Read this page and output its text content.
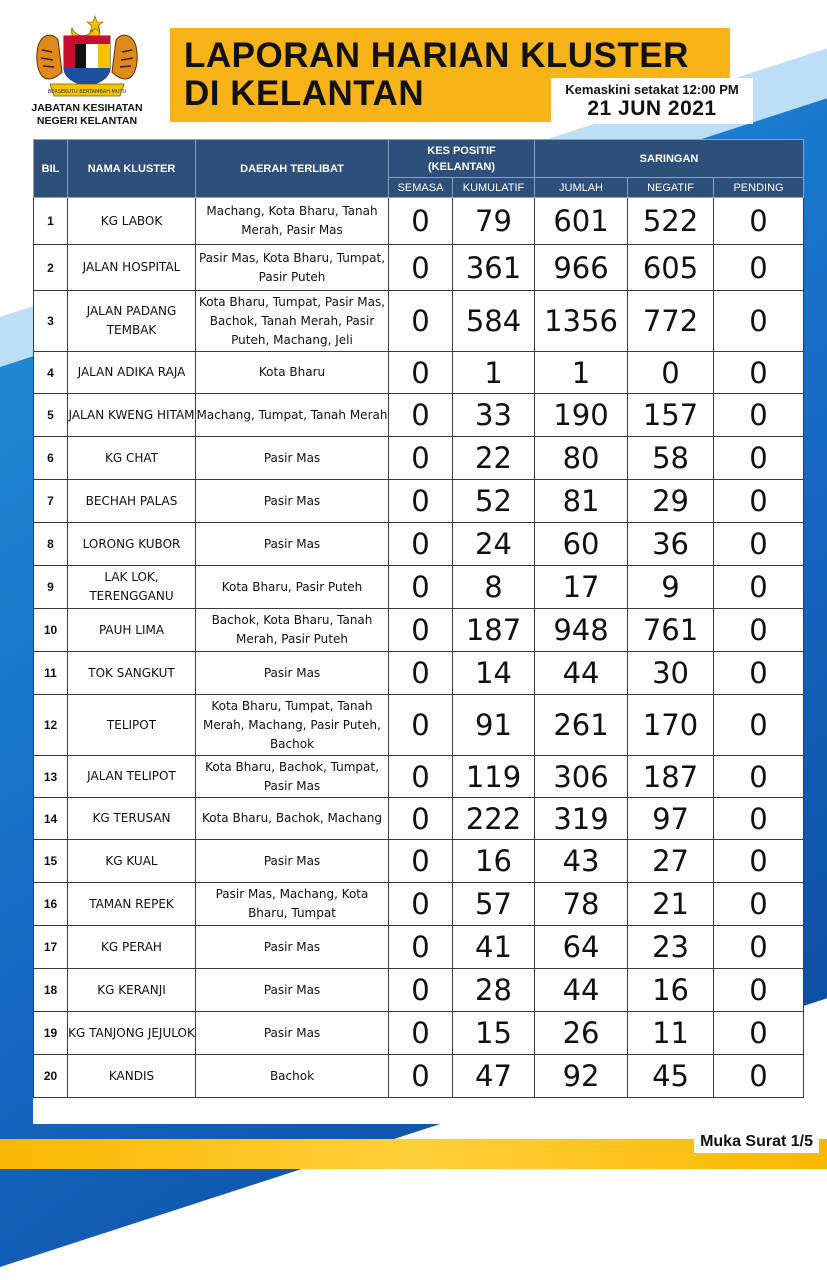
BERSEKUTU BERTAMBAH MUTU
JABATAN KESIHATAN
NEGERI KELANTAN
LAPORAN HARIAN KLUSTER
DI KELANTAN	Kemaskini setakat 12:00 PM
21 JUN 2021
BIL	NAMA KLUSTER	DAERAH TERLIBAT	KES POSITIF (KELANTAN)		SARINGAN		
			SEMASA	KUMULATIF	JUMLAH	NEGATIF	PENDING
1	KG LABOK	Machang, Kota Bharu, Tanah Merah, Pasir Mas	0	79	601	522	0
2	JALAN HOSPITAL	Pasir Mas, Kota Bharu, Tumpat, Pasir Puteh	0	361	966	605	0
3	JALAN PADANG TEMBAK	Kota Bharu, Tumpat, Pasir Mas, Bachok, Tanah Merah, Pasir Puteh, Machang, Jeli	0	584	1356	772	0
4	JALAN ADIKA RAJA	Kota Bharu	0	1	1	0	0
5	JALAN KWENG HITAM	Machang, Tumpat, Tanah Merah	0	33	190	157	0
6	KG CHAT	Pasir Mas	0	22	80	58	0
7	BECHAH PALAS	Pasir Mas	0	52	81	29	0
8	LORONG KUBOR	Pasir Mas	0	24	60	36	0
9	LAK LOK, TERENGGANU	Kota Bharu, Pasir Puteh	0	8	17	9	0
10	PAUH LIMA	Bachok, Kota Bharu, Tanah Merah, Pasir Puteh	0	187	948	761	0
11	TOK SANGKUT	Pasir Mas	0	14	44	30	0
12	TELIPOT	Kota Bharu, Tumpat, Tanah Merah, Machang, Pasir Puteh, Bachok	0	91	261	170	0
13	JALAN TELIPOT	Kota Bharu, Bachok, Tumpat, Pasir Mas	0	119	306	187	0
14	KG TERUSAN	Kota Bharu, Bachok, Machang	0	222	319	97	0
15	KG KUAL	Pasir Mas	0	16	43	27	0
16	TAMAN REPEK	Pasir Mas, Machang, Kota Bharu, Tumpat	0	57	78	21	0
17	KG PERAH	Pasir Mas	0	41	64	23	0
18	KG KERANJI	Pasir Mas	0	28	44	16	0
19	KG TANJONG JEJULOK	Pasir Mas	0	15	26	11	0
20	KANDIS	Bachok	0	47	92	45	0
Muka Surat 1/5
